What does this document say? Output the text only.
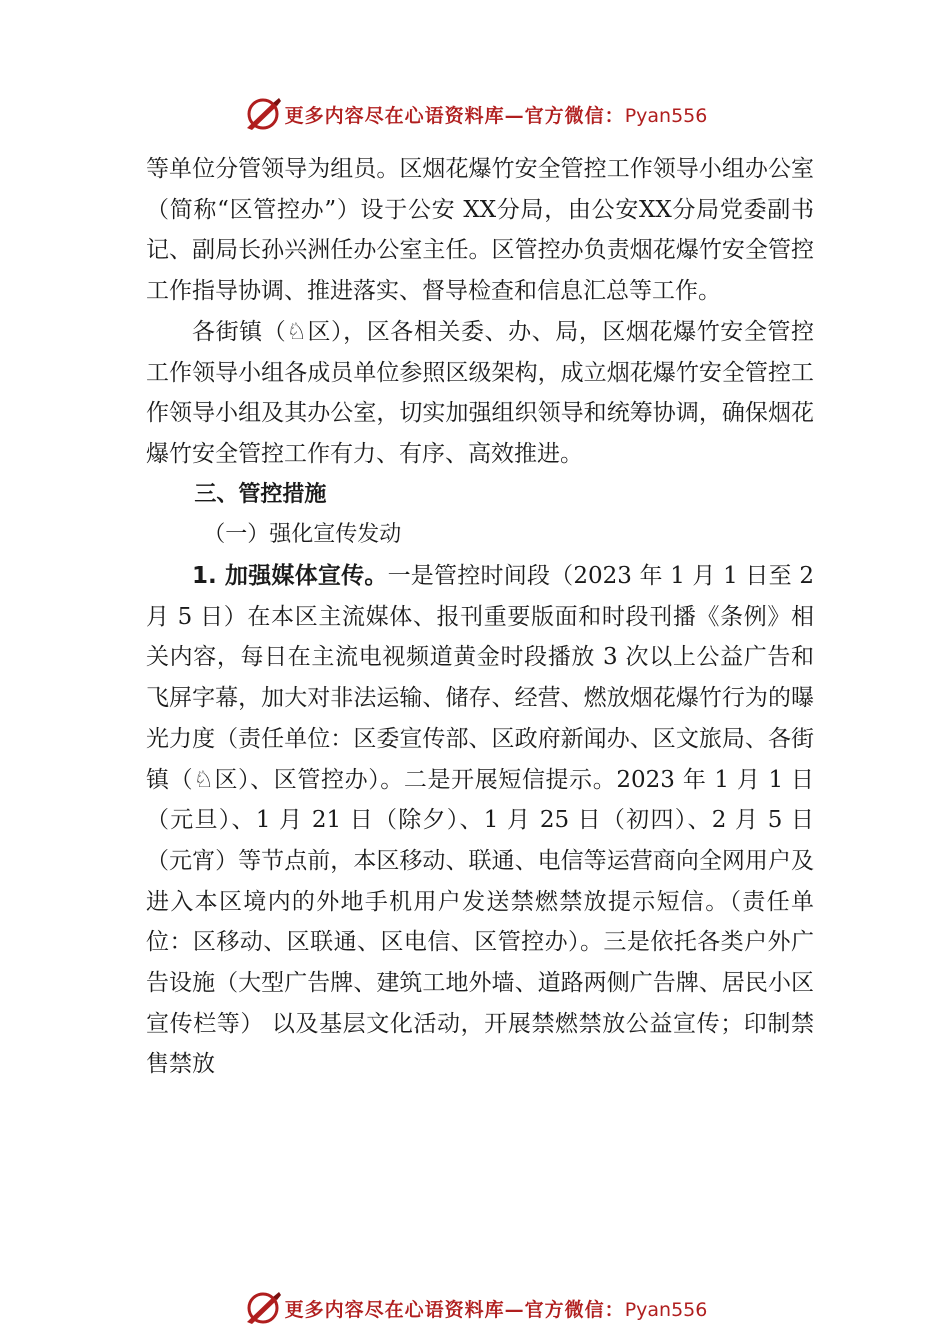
更多内容尽在心语资料库—官方微信：Pyan556

等单位分管领导为组员。区烟花爆竹安全管控工作领导小组办公室（简称“区管控办”）设于公安 XX分局，由公安XX分局党委副书记、副局长孙兴洲任办公室主任。区管控办负责烟花爆竹安全管控工作指导协调、推进落实、督导检查和信息汇总等工作。

各街镇（♘区），区各相关委、办、局，区烟花爆竹安全管控工作领导小组各成员单位参照区级架构，成立烟花爆竹安全管控工作领导小组及其办公室，切实加强组织领导和统筹协调，确保烟花爆竹安全管控工作有力、有序、高效推进。

三、管控措施

（一）强化宣传发动

1. 加强媒体宣传。一是管控时间段（2023 年 1 月 1 日至 2 月 5 日）在本区主流媒体、报刊重要版面和时段刊播《条例》相关内容，每日在主流电视频道黄金时段播放 3 次以上公益广告和飞屏字幕，加大对非法运输、储存、经营、燃放烟花爆竹行为的曝光力度（责任单位：区委宣传部、区政府新闻办、区文旅局、各街镇（♘区）、区管控办）。二是开展短信提示。2023 年 1 月 1 日（元旦）、1 月 21 日（除夕）、1 月 25 日（初四）、2 月 5 日（元宵）等节点前，本区移动、联通、电信等运营商向全网用户及进入本区境内的外地手机用户发送禁燃禁放提示短信。（责任单位：区移动、区联通、区电信、区管控办）。三是依托各类户外广告设施（大型广告牌、建筑工地外墙、道路两侧广告牌、居民小区宣传栏等） 以及基层文化活动，开展禁燃禁放公益宣传；印制禁售禁放

更多内容尽在心语资料库—官方微信：Pyan556
